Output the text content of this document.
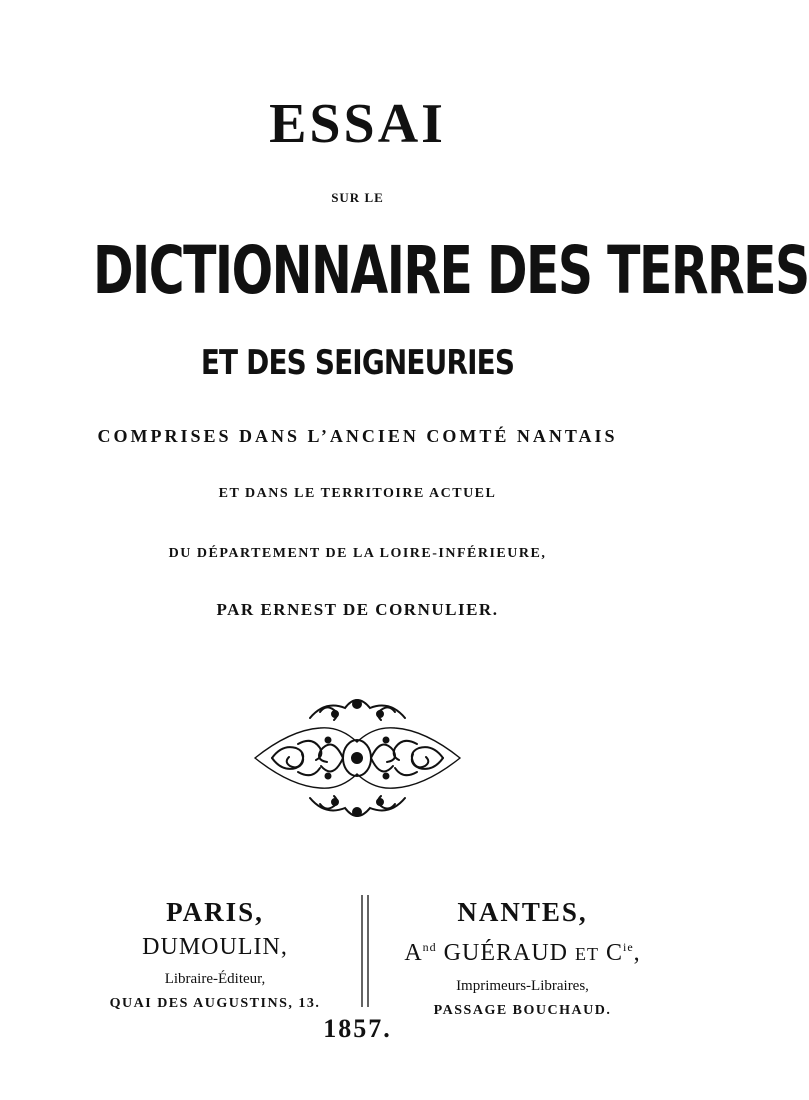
ESSAI
SUR LE
DICTIONNAIRE DES TERRES
ET DES SEIGNEURIES
COMPRISES DANS L’ANCIEN COMTÉ NANTAIS
ET DANS LE TERRITOIRE ACTUEL
DU DÉPARTEMENT DE LA LOIRE-INFÉRIEURE,
PAR ERNEST DE CORNULIER.
PARIS,
DUMOULIN,
Libraire-Éditeur,
QUAI DES AUGUSTINS, 13.
NANTES,
$A^{nd}$ GUÉRAUD ET $C^{ie}$,
Imprimeurs-Libraires,
PASSAGE BOUCHAUD.
1857.
